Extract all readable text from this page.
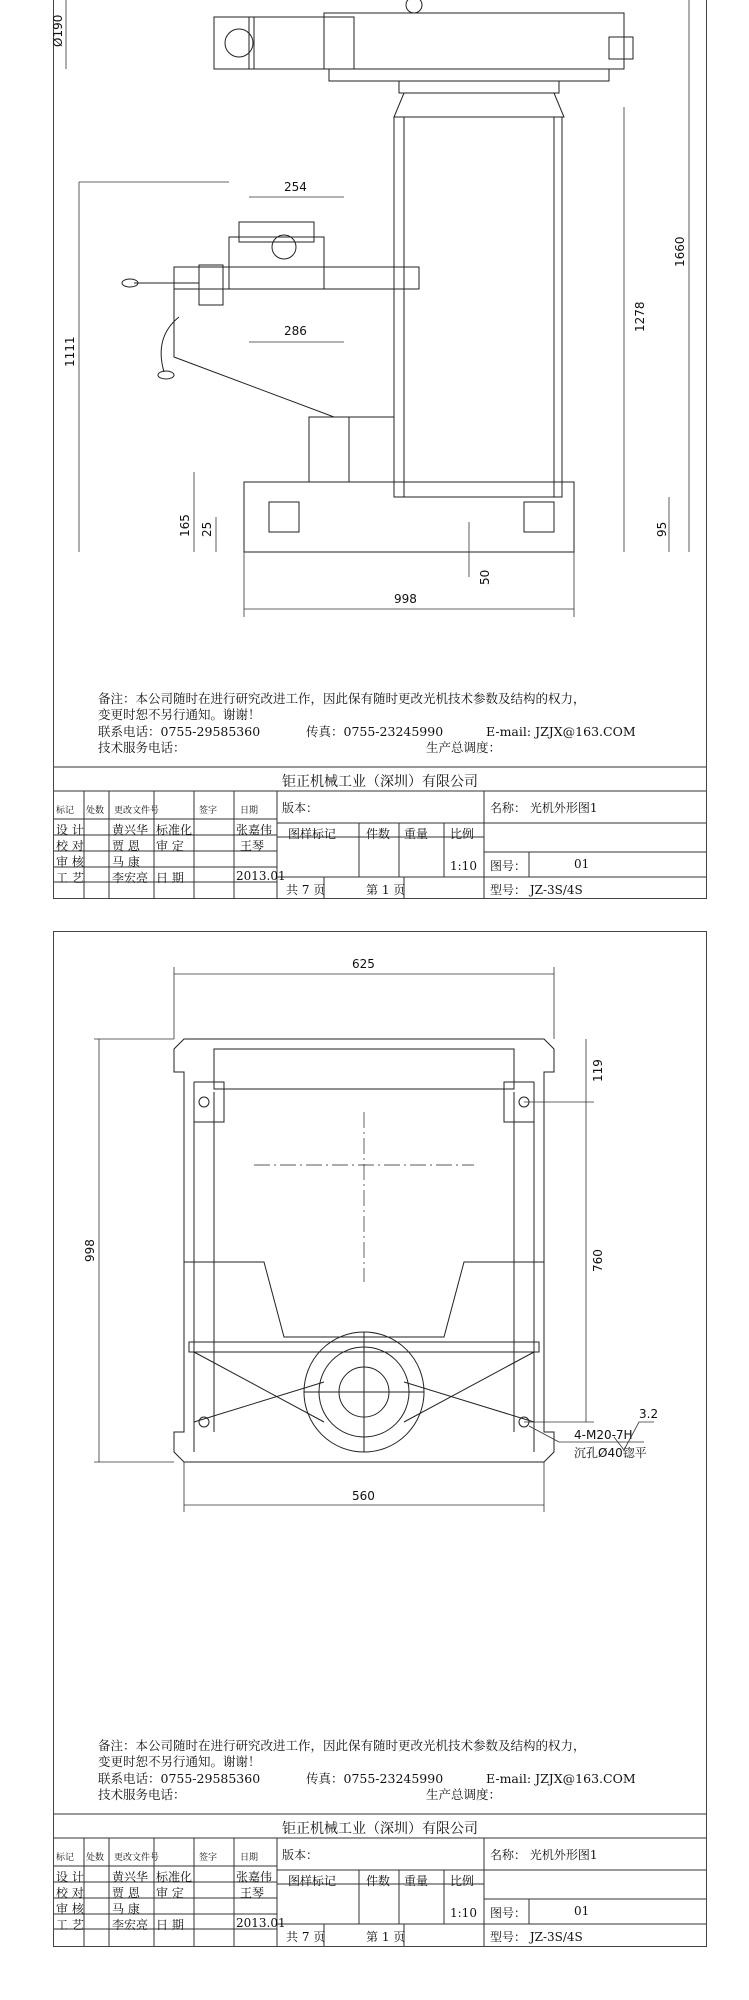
Ø190
254
286
1111
1278
1660
165 25
50
95
998
备注：本公司随时在进行研究改进工作，因此保有随时更改光机技术参数及结构的权力，
变更时恕不另行通知。谢谢！
联系电话：0755-29585360	传真：0755-23245990	E-mail: JZJX@163.COM
技术服务电话：	生产总调度：
钜正机械工业（深圳）有限公司
标记 处数 更改文件号	签字	日期
设 计 黄兴华 标准化	张嘉伟
校 对 贾 恩 审 定	王琴
审 核 马 康
工 艺 李宏亮 日 期	2013.01
版本：
图样标记 件数 重量 比例
1:10
共 7 页	第 1 页
名称： 光机外形图1
图号：	01
型号： JZ-3S/4S
625
998
119
760
560
4-M20-7H
沉孔Ø40锪平
3.2
备注：本公司随时在进行研究改进工作，因此保有随时更改光机技术参数及结构的权力，
变更时恕不另行通知。谢谢！
联系电话：0755-29585360	传真：0755-23245990	E-mail: JZJX@163.COM
技术服务电话：	生产总调度：
钜正机械工业（深圳）有限公司
标记 处数 更改文件号	签字	日期
设 计 黄兴华 标准化	张嘉伟
校 对 贾 恩 审 定	王琴
审 核 马 康
工 艺 李宏亮 日 期	2013.01
版本：
图样标记 件数 重量 比例
1:10
共 7 页	第 1 页
名称： 光机外形图1
图号：	01
型号： JZ-3S/4S
